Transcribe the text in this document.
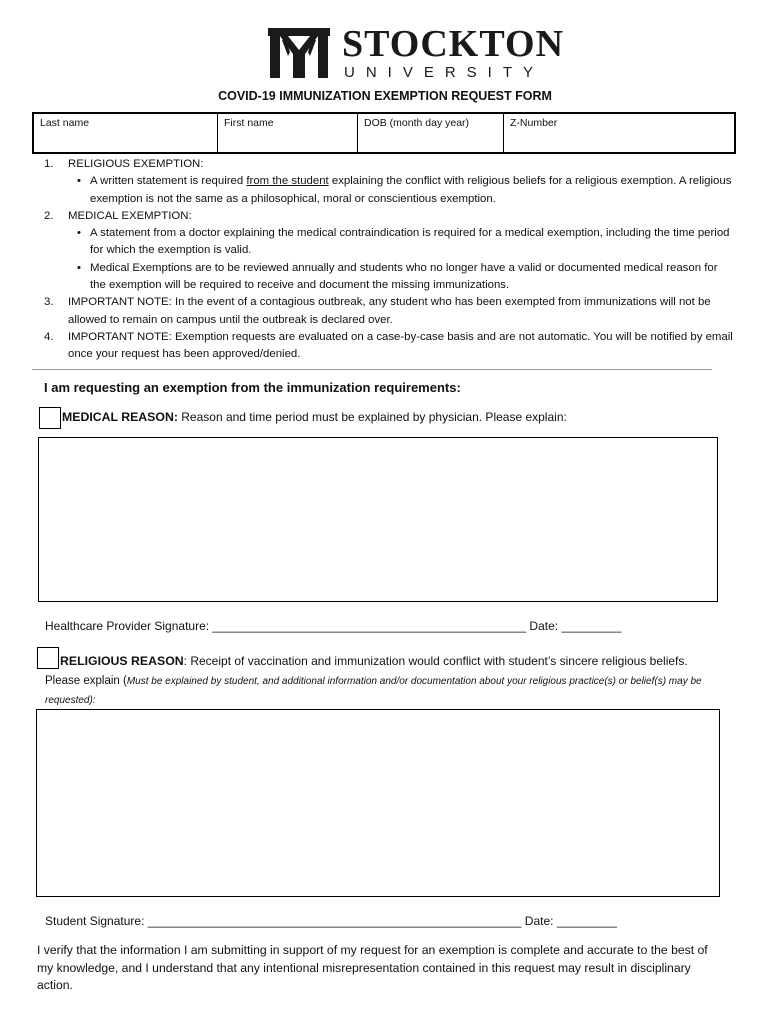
STOCKTON
UNIVERSITY
COVID-19 IMMUNIZATION EXEMPTION REQUEST FORM
Last name	First name	DOB (month day year)	Z-Number
1.	RELIGIOUS EXEMPTION:
• A written statement is required from the student explaining the conflict with religious beliefs for a religious exemption. A religious exemption is not the same as a philosophical, moral or conscientious exemption.
2.	MEDICAL EXEMPTION:
• A statement from a doctor explaining the medical contraindication is required for a medical exemption, including the time period for which the exemption is valid.
• Medical Exemptions are to be reviewed annually and students who no longer have a valid or documented medical reason for the exemption will be required to receive and document the missing immunizations.
3.	IMPORTANT NOTE: In the event of a contagious outbreak, any student who has been exempted from immunizations will not be allowed to remain on campus until the outbreak is declared over.
4.	IMPORTANT NOTE: Exemption requests are evaluated on a case-by-case basis and are not automatic. You will be notified by email once your request has been approved/denied.
I am requesting an exemption from the immunization requirements:
MEDICAL REASON: Reason and time period must be explained by physician. Please explain:
Healthcare Provider Signature: _______________________________________________ Date: _________
RELIGIOUS REASON: Receipt of vaccination and immunization would conflict with student’s sincere religious beliefs.
Please explain (Must be explained by student, and additional information and/or documentation about your religious practice(s) or belief(s) may be requested):
Student Signature: ________________________________________________________ Date: _________
I verify that the information I am submitting in support of my request for an exemption is complete and accurate to the best of my knowledge, and I understand that any intentional misrepresentation contained in this request may result in disciplinary action.
